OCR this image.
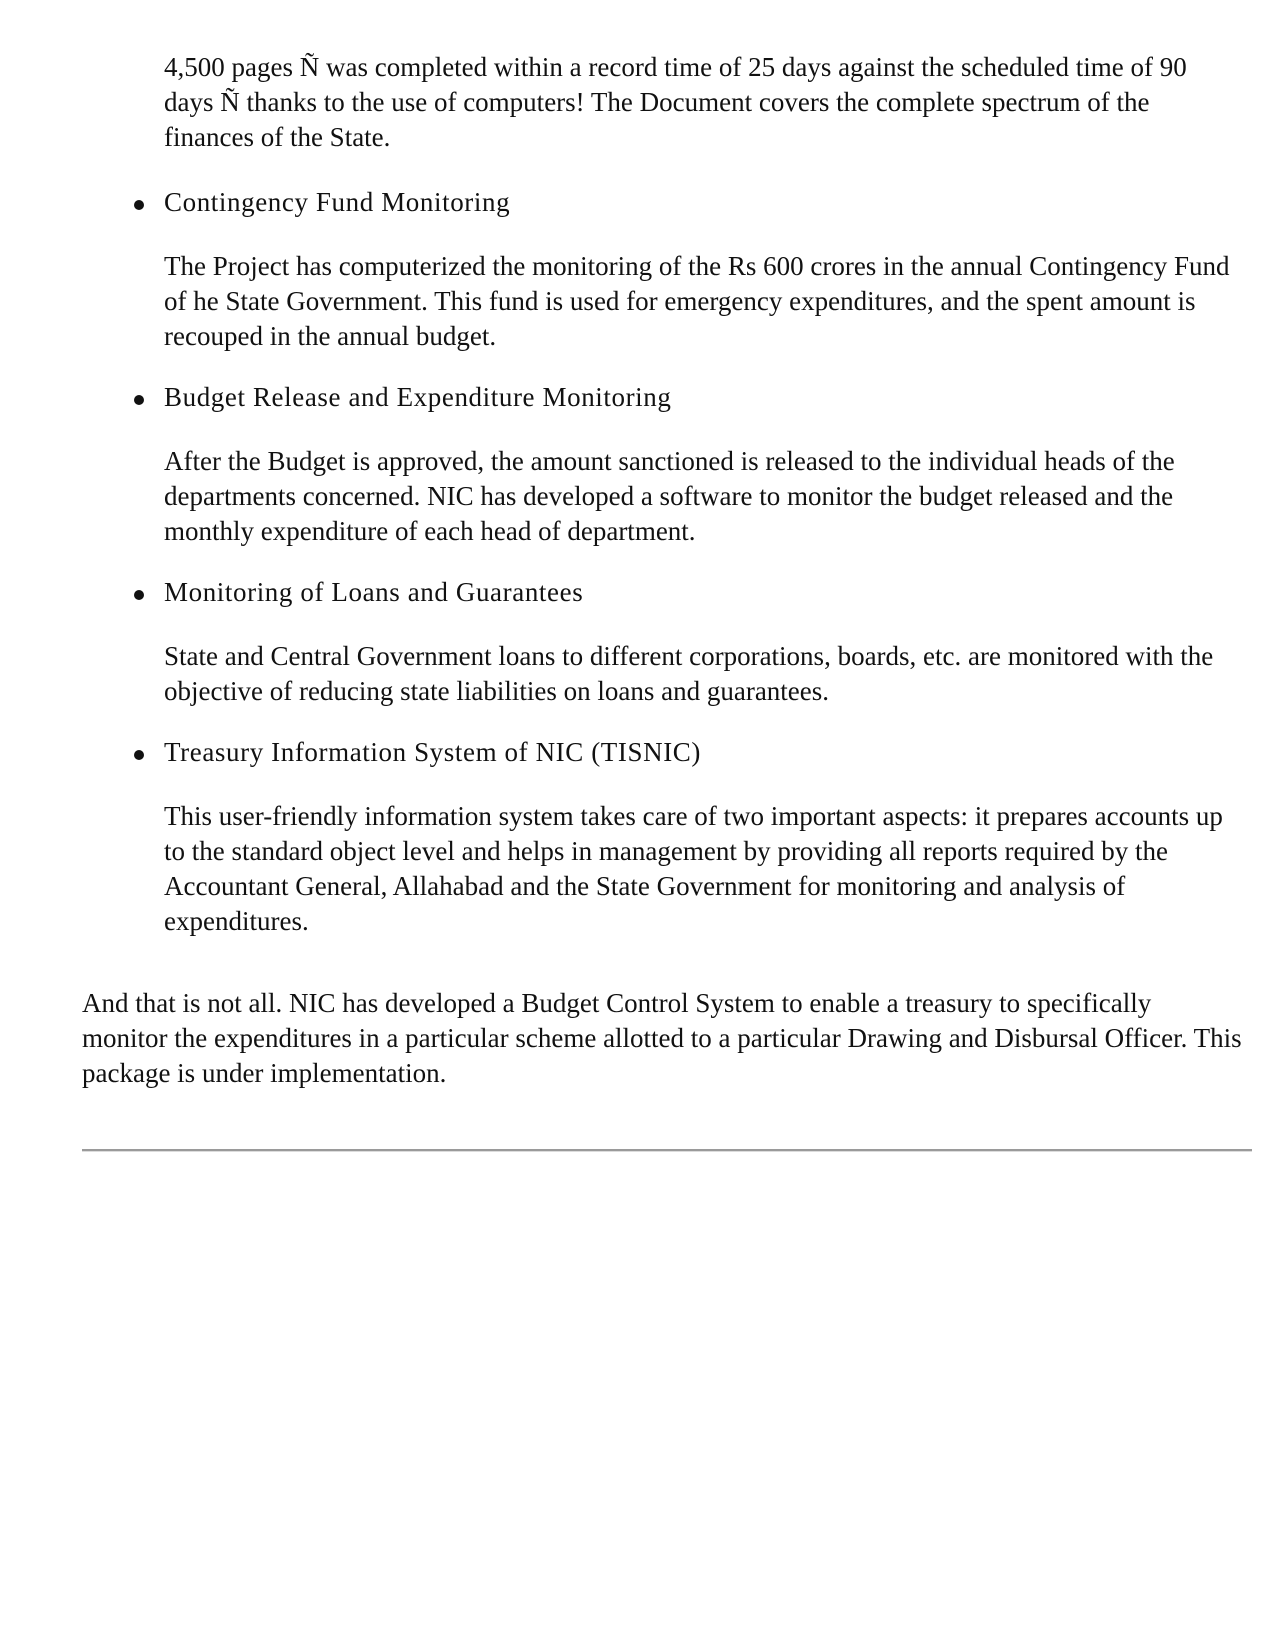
4,500 pages Ñ was completed within a record time of 25 days against the scheduled time of 90 days Ñ thanks to the use of computers! The Document covers the complete spectrum of the finances of the State.

Contingency Fund Monitoring

The Project has computerized the monitoring of the Rs 600 crores in the annual Contingency Fund of he State Government. This fund is used for emergency expenditures, and the spent amount is recouped in the annual budget.

Budget Release and Expenditure Monitoring

After the Budget is approved, the amount sanctioned is released to the individual heads of the departments concerned. NIC has developed a software to monitor the budget released and the monthly expenditure of each head of department.

Monitoring of Loans and Guarantees

State and Central Government loans to different corporations, boards, etc. are monitored with the objective of reducing state liabilities on loans and guarantees.

Treasury Information System of NIC (TISNIC)

This user-friendly information system takes care of two important aspects: it prepares accounts up to the standard object level and helps in management by providing all reports required by the Accountant General, Allahabad and the State Government for monitoring and analysis of expenditures.

And that is not all. NIC has developed a Budget Control System to enable a treasury to specifically monitor the expenditures in a particular scheme allotted to a particular Drawing and Disbursal Officer. This package is under implementation.
